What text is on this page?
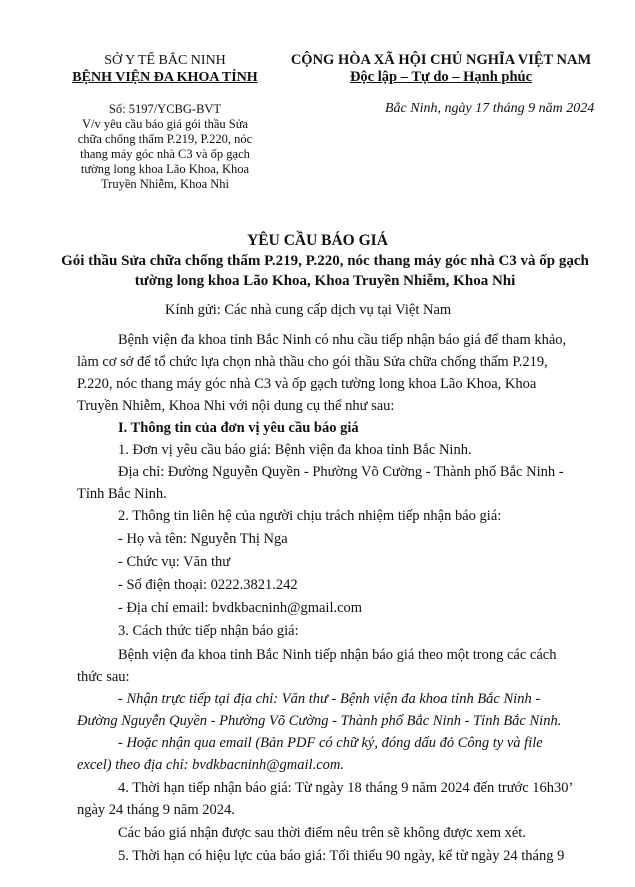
SỞ Y TẾ BẮC NINH
BỆNH VIỆN ĐA KHOA TỈNH
CỘNG HÒA XÃ HỘI CHỦ NGHĨA VIỆT NAM
Độc lập – Tự do – Hạnh phúc
Số: 5197/YCBG-BVT
V/v yêu cầu báo giá gói thầu Sửa
chữa chống thấm P.219, P.220, nóc
thang máy góc nhà C3 và ốp gạch
tường long khoa Lão Khoa, Khoa
Truyền Nhiễm, Khoa Nhi
Bắc Ninh, ngày 17 tháng 9 năm 2024
YÊU CẦU BÁO GIÁ
Gói thầu Sửa chữa chống thấm P.219, P.220, nóc thang máy góc nhà C3 và ốp gạch tường long khoa Lão Khoa, Khoa Truyền Nhiễm, Khoa Nhi
Kính gửi: Các nhà cung cấp dịch vụ tại Việt Nam
Bệnh viện đa khoa tỉnh Bắc Ninh có nhu cầu tiếp nhận báo giá để tham khảo,
làm cơ sở để tổ chức lựa chọn nhà thầu cho gói thầu Sửa chữa chống thấm P.219,
P.220, nóc thang máy góc nhà C3 và ốp gạch tường long khoa Lão Khoa, Khoa
Truyền Nhiễm, Khoa Nhi với nội dung cụ thể như sau:
I. Thông tin của đơn vị yêu cầu báo giá
1. Đơn vị yêu cầu báo giá: Bệnh viện đa khoa tỉnh Bắc Ninh.
Địa chỉ: Đường Nguyễn Quyền - Phường Võ Cường - Thành phố Bắc Ninh -
Tỉnh Bắc Ninh.
2. Thông tin liên hệ của người chịu trách nhiệm tiếp nhận báo giá:
- Họ và tên: Nguyễn Thị Nga
- Chức vụ: Văn thư
- Số điện thoại: 0222.3821.242
- Địa chỉ email: bvdkbacninh@gmail.com
3. Cách thức tiếp nhận báo giá:
Bệnh viện đa khoa tỉnh Bắc Ninh tiếp nhận báo giá theo một trong các cách
thức sau:
- Nhận trực tiếp tại địa chỉ: Văn thư - Bệnh viện đa khoa tỉnh Bắc Ninh -
Đường Nguyễn Quyền - Phường Võ Cường - Thành phố Bắc Ninh - Tỉnh Bắc Ninh.
- Hoặc nhận qua email (Bản PDF có chữ ký, đóng dấu đỏ Công ty và file
excel) theo địa chỉ: bvdkbacninh@gmail.com.
4. Thời hạn tiếp nhận báo giá: Từ ngày 18 tháng 9 năm 2024 đến trước 16h30’
ngày 24 tháng 9 năm 2024.
Các báo giá nhận được sau thời điểm nêu trên sẽ không được xem xét.
5. Thời hạn có hiệu lực của báo giá: Tối thiểu 90 ngày, kể từ ngày 24 tháng 9
